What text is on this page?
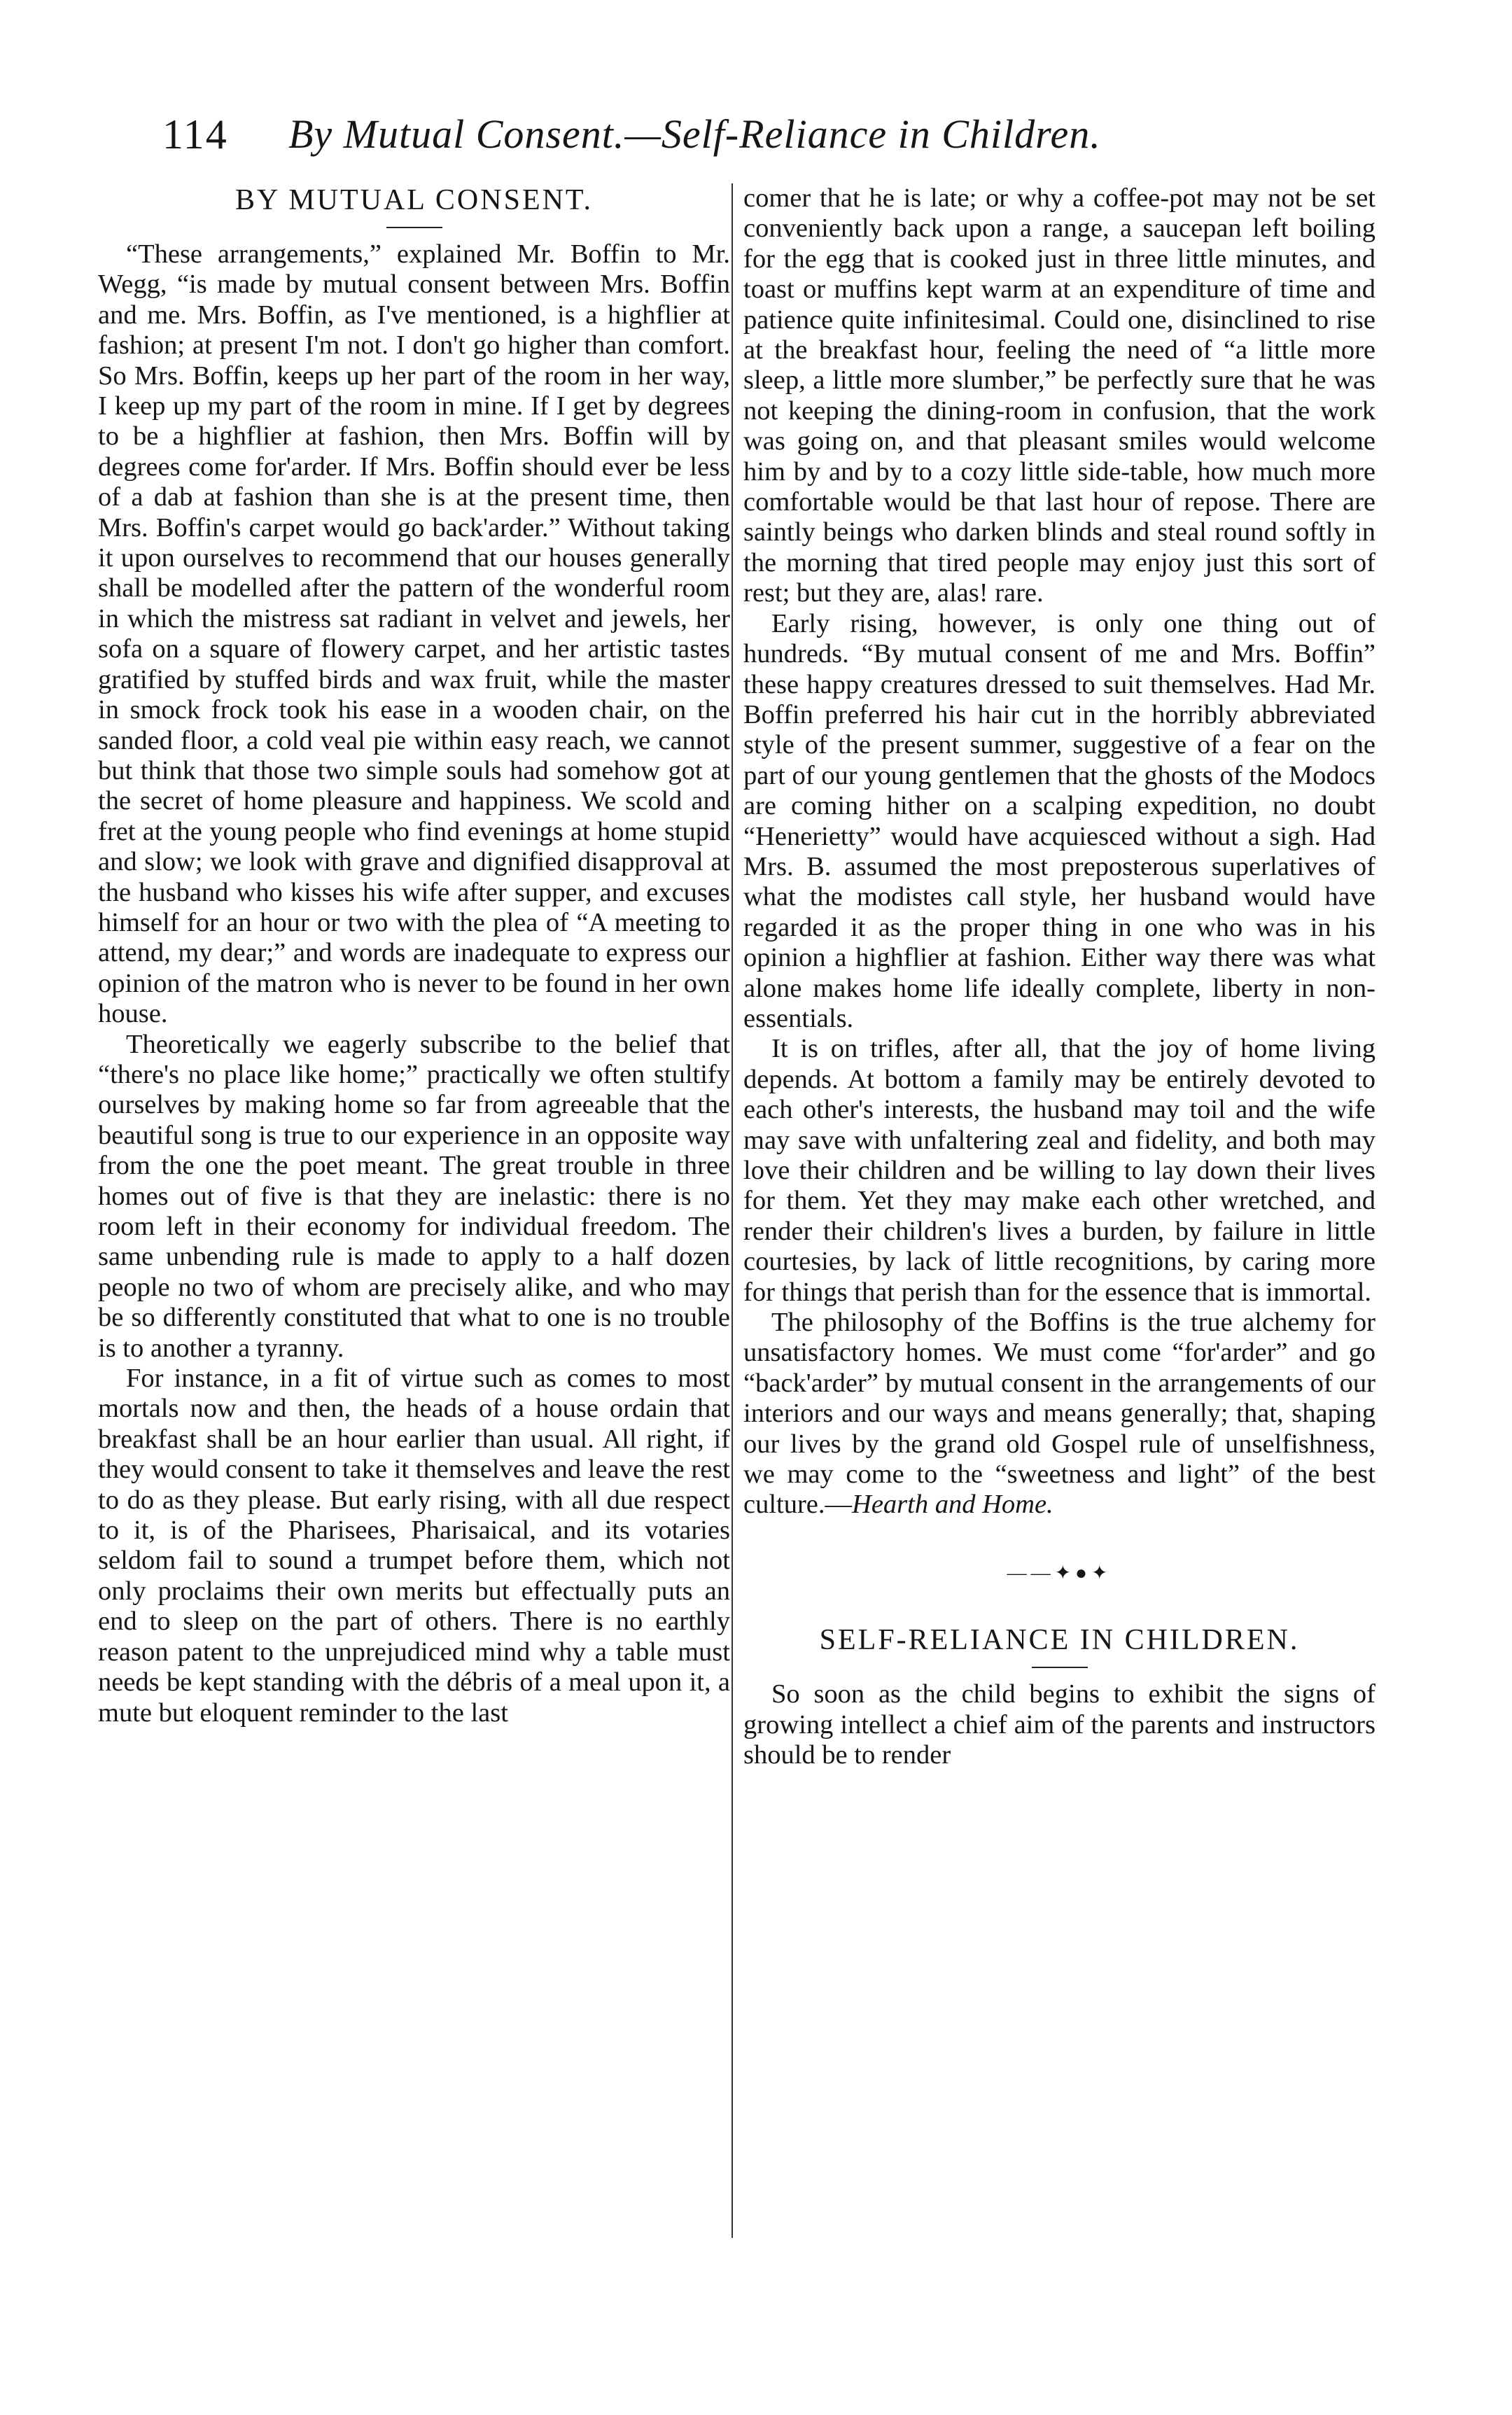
114 By Mutual Consent.—Self-Reliance in Children.
BY MUTUAL CONSENT.

“These arrangements,” explained Mr. Boffin to Mr. Wegg, “is made by mutual consent between Mrs. Boffin and me. Mrs. Boffin, as I've mentioned, is a highflier at fashion; at present I'm not. I don't go higher than comfort. So Mrs. Boffin, keeps up her part of the room in her way, I keep up my part of the room in mine. If I get by degrees to be a highflier at fashion, then Mrs. Boffin will by degrees come for'arder. If Mrs. Boffin should ever be less of a dab at fashion than she is at the present time, then Mrs. Boffin's carpet would go back'arder.” Without taking it upon ourselves to recommend that our houses generally shall be modelled after the pattern of the wonderful room in which the mistress sat radiant in velvet and jewels, her sofa on a square of flowery carpet, and her artistic tastes gratified by stuffed birds and wax fruit, while the master in smock frock took his ease in a wooden chair, on the sanded floor, a cold veal pie within easy reach, we cannot but think that those two simple souls had somehow got at the secret of home pleasure and happiness. We scold and fret at the young people who find evenings at home stupid and slow; we look with grave and dignified disapproval at the husband who kisses his wife after supper, and excuses himself for an hour or two with the plea of “A meeting to attend, my dear;” and words are inadequate to express our opinion of the matron who is never to be found in her own house.

Theoretically we eagerly subscribe to the belief that “there's no place like home;” practically we often stultify ourselves by making home so far from agreeable that the beautiful song is true to our experience in an opposite way from the one the poet meant. The great trouble in three homes out of five is that they are inelastic: there is no room left in their economy for individual freedom. The same unbending rule is made to apply to a half dozen people no two of whom are precisely alike, and who may be so differently constituted that what to one is no trouble is to another a tyranny.

For instance, in a fit of virtue such as comes to most mortals now and then, the heads of a house ordain that breakfast shall be an hour earlier than usual. All right, if they would consent to take it themselves and leave the rest to do as they please. But early rising, with all due respect to it, is of the Pharisees, Pharisaical, and its votaries seldom fail to sound a trumpet before them, which not only proclaims their own merits but effectually puts an end to sleep on the part of others. There is no earthly reason patent to the unprejudiced mind why a table must needs be kept standing with the débris of a meal upon it, a mute but eloquent reminder to the last

comer that he is late; or why a coffee-pot may not be set conveniently back upon a range, a saucepan left boiling for the egg that is cooked just in three little minutes, and toast or muffins kept warm at an expenditure of time and patience quite infinitesimal. Could one, disinclined to rise at the breakfast hour, feeling the need of “a little more sleep, a little more slumber,” be perfectly sure that he was not keeping the dining-room in confusion, that the work was going on, and that pleasant smiles would welcome him by and by to a cozy little side-table, how much more comfortable would be that last hour of repose. There are saintly beings who darken blinds and steal round softly in the morning that tired people may enjoy just this sort of rest; but they are, alas! rare.

Early rising, however, is only one thing out of hundreds. “By mutual consent of me and Mrs. Boffin” these happy creatures dressed to suit themselves. Had Mr. Boffin preferred his hair cut in the horribly abbreviated style of the present summer, suggestive of a fear on the part of our young gentlemen that the ghosts of the Modocs are coming hither on a scalping expedition, no doubt “Henerietty” would have acquiesced without a sigh. Had Mrs. B. assumed the most preposterous superlatives of what the modistes call style, her husband would have regarded it as the proper thing in one who was in his opinion a highflier at fashion. Either way there was what alone makes home life ideally complete, liberty in non-essentials.

It is on trifles, after all, that the joy of home living depends. At bottom a family may be entirely devoted to each other's interests, the husband may toil and the wife may save with unfaltering zeal and fidelity, and both may love their children and be willing to lay down their lives for them. Yet they may make each other wretched, and render their children's lives a burden, by failure in little courtesies, by lack of little recognitions, by caring more for things that perish than for the essence that is immortal.

The philosophy of the Boffins is the true alchemy for unsatisfactory homes. We must come “for'arder” and go “back'arder” by mutual consent in the arrangements of our interiors and our ways and means generally; that, shaping our lives by the grand old Gospel rule of unselfishness, we may come to the “sweetness and light” of the best culture.—Hearth and Home.

——✦●✦
SELF-RELIANCE IN CHILDREN.

So soon as the child begins to exhibit the signs of growing intellect a chief aim of the parents and instructors should be to render
